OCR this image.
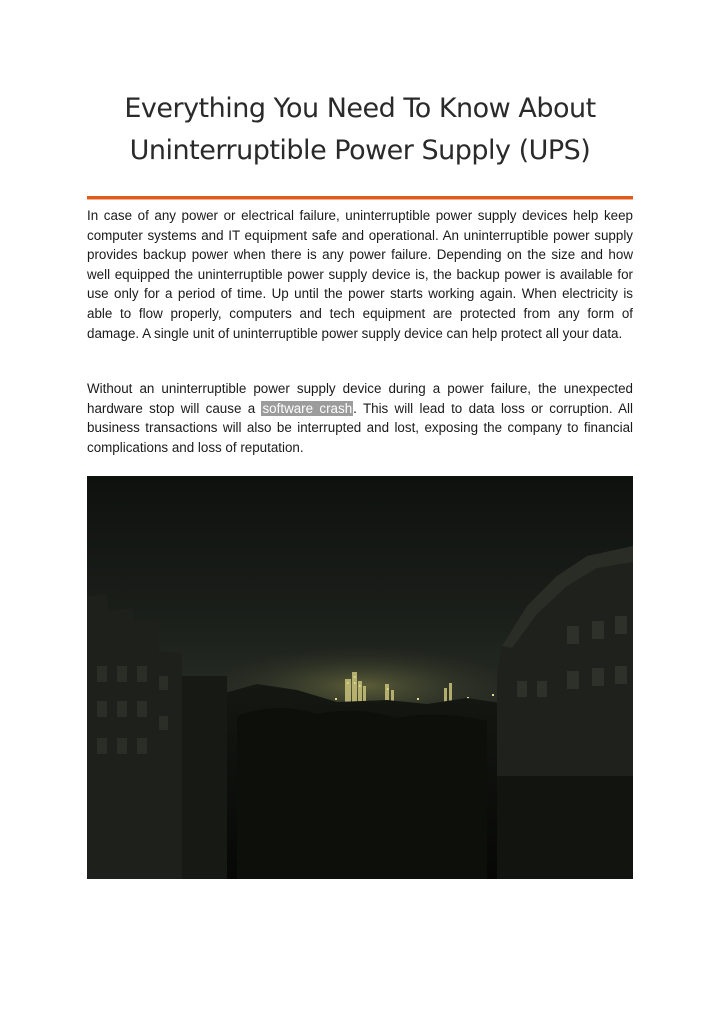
Everything You Need To Know About
Uninterruptible Power Supply (UPS)

In case of any power or electrical failure, uninterruptible power supply devices help keep computer systems and IT equipment safe and operational. An uninterruptible power supply provides backup power when there is any power failure. Depending on the size and how well equipped the uninterruptible power supply device is, the backup power is available for use only for a period of time. Up until the power starts working again. When electricity is able to flow properly, computers and tech equipment are protected from any form of damage. A single unit of uninterruptible power supply device can help protect all your data.

Without an uninterruptible power supply device during a power failure, the unexpected hardware stop will cause a software crash. This will lead to data loss or corruption. All business transactions will also be interrupted and lost, exposing the company to financial complications and loss of reputation.
